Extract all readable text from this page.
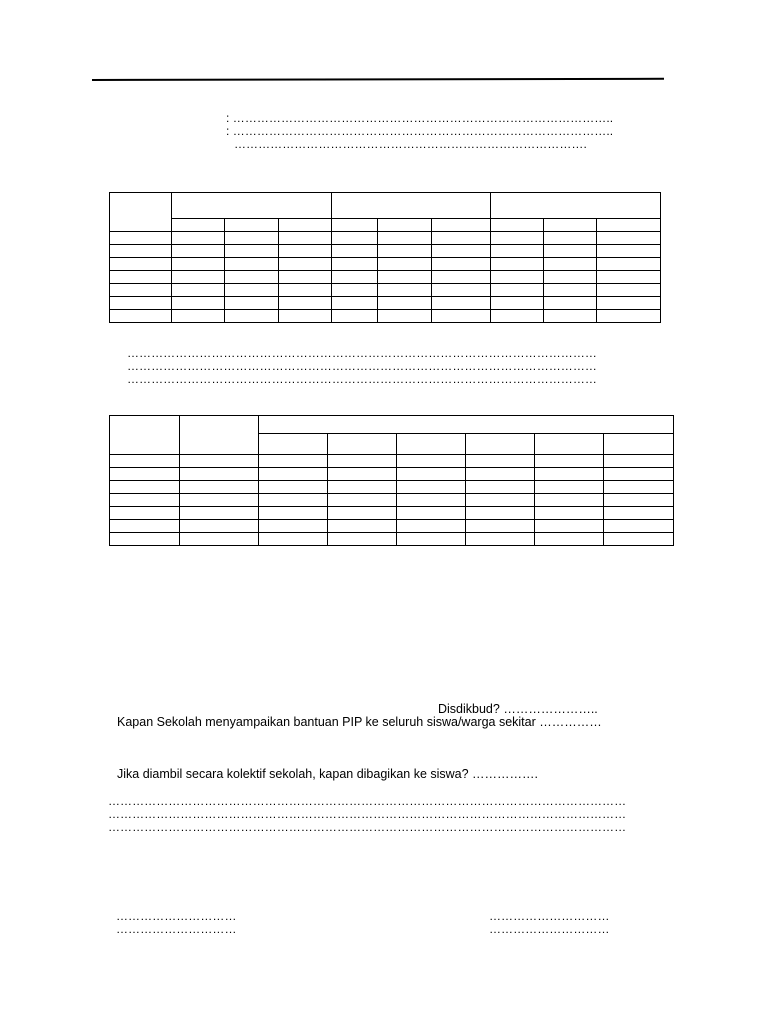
: …………………………………………………………………………………..
: …………………………………………………………………………………..
…………………………………………………………………………….

………………………………………………………………………………………………………
………………………………………………………………………………………………………
………………………………………………………………………………………………………

Disdikbud? …………………..
Kapan Sekolah menyampaikan bantuan PIP ke seluruh siswa/warga sekitar ……………
Jika diambil secara kolektif sekolah, kapan dibagikan ke siswa? …………….
…………………………………………………………………………………………………………………
…………………………………………………………………………………………………………………
…………………………………………………………………………………………………………………
…………………………
…………………………
…………………………
…………………………
